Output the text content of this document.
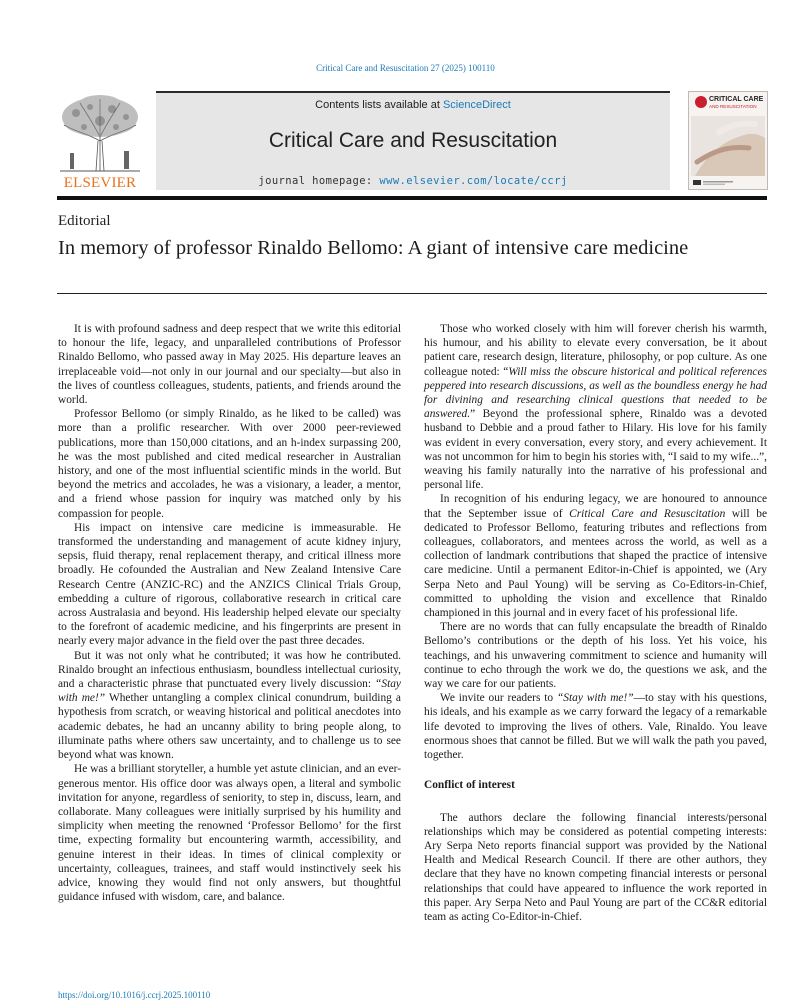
Critical Care and Resuscitation 27 (2025) 100110
ELSEVIER
Contents lists available at ScienceDirect
Critical Care and Resuscitation
journal homepage: www.elsevier.com/locate/ccrj
CRITICAL CARE
AND RESUSCITATION
Editorial
In memory of professor Rinaldo Bellomo: A giant of intensive care medicine

It is with profound sadness and deep respect that we write this editorial to honour the life, legacy, and unparalleled contributions of Professor Rinaldo Bellomo, who passed away in May 2025. His departure leaves an irreplaceable void—not only in our journal and our specialty—but also in the lives of countless colleagues, students, patients, and friends around the world.

Professor Bellomo (or simply Rinaldo, as he liked to be called) was more than a prolific researcher. With over 2000 peer-reviewed publications, more than 150,000 citations, and an h-index surpassing 200, he was the most published and cited medical researcher in Australian history, and one of the most influential scientific minds in the world. But beyond the metrics and accolades, he was a visionary, a leader, a mentor, and a friend whose passion for inquiry was matched only by his compassion for people.

His impact on intensive care medicine is immeasurable. He transformed the understanding and management of acute kidney injury, sepsis, fluid therapy, renal replacement therapy, and critical illness more broadly. He cofounded the Australian and New Zealand Intensive Care Research Centre (ANZIC-RC) and the ANZICS Clinical Trials Group, embedding a culture of rigorous, collaborative research in critical care across Australasia and beyond. His leadership helped elevate our specialty to the forefront of academic medicine, and his fingerprints are present in nearly every major advance in the field over the past three decades.

But it was not only what he contributed; it was how he contributed. Rinaldo brought an infectious enthusiasm, boundless intellectual curiosity, and a characteristic phrase that punctuated every lively discussion: “Stay with me!” Whether untangling a complex clinical conundrum, building a hypothesis from scratch, or weaving historical and political anecdotes into academic debates, he had an uncanny ability to bring people along, to illuminate paths where others saw uncertainty, and to challenge us to see beyond what was known.

He was a brilliant storyteller, a humble yet astute clinician, and an ever-generous mentor. His office door was always open, a literal and symbolic invitation for anyone, regardless of seniority, to step in, discuss, learn, and collaborate. Many colleagues were initially surprised by his humility and simplicity when meeting the renowned ‘Professor Bellomo’ for the first time, expecting formality but encountering warmth, accessibility, and genuine interest in their ideas. In times of clinical complexity or uncertainty, colleagues, trainees, and staff would instinctively seek his advice, knowing they would find not only answers, but thoughtful guidance infused with wisdom, care, and balance.

Those who worked closely with him will forever cherish his warmth, his humour, and his ability to elevate every conversation, be it about patient care, research design, literature, philosophy, or pop culture. As one colleague noted: “Will miss the obscure historical and political references peppered into research discussions, as well as the boundless energy he had for divining and researching clinical questions that needed to be answered.” Beyond the professional sphere, Rinaldo was a devoted husband to Debbie and a proud father to Hilary. His love for his family was evident in every conversation, every story, and every achievement. It was not uncommon for him to begin his stories with, “I said to my wife...”, weaving his family naturally into the narrative of his professional and personal life.

In recognition of his enduring legacy, we are honoured to announce that the September issue of Critical Care and Resuscitation will be dedicated to Professor Bellomo, featuring tributes and reflections from colleagues, collaborators, and mentees across the world, as well as a collection of landmark contributions that shaped the practice of intensive care medicine. Until a permanent Editor-in-Chief is appointed, we (Ary Serpa Neto and Paul Young) will be serving as Co-Editors-in-Chief, committed to upholding the vision and excellence that Rinaldo championed in this journal and in every facet of his professional life.

There are no words that can fully encapsulate the breadth of Rinaldo Bellomo’s contributions or the depth of his loss. Yet his voice, his teachings, and his unwavering commitment to science and humanity will continue to echo through the work we do, the questions we ask, and the way we care for our patients.

We invite our readers to “Stay with me!”—to stay with his questions, his ideals, and his example as we carry forward the legacy of a remarkable life devoted to improving the lives of others. Vale, Rinaldo. You leave enormous shoes that cannot be filled. But we will walk the path you paved, together.

Conflict of interest

The authors declare the following financial interests/personal relationships which may be considered as potential competing interests: Ary Serpa Neto reports financial support was provided by the National Health and Medical Research Council. If there are other authors, they declare that they have no known competing financial interests or personal relationships that could have appeared to influence the work reported in this paper. Ary Serpa Neto and Paul Young are part of the CC&R editorial team as acting Co-Editor-in-Chief.

https://doi.org/10.1016/j.ccrj.2025.100110
